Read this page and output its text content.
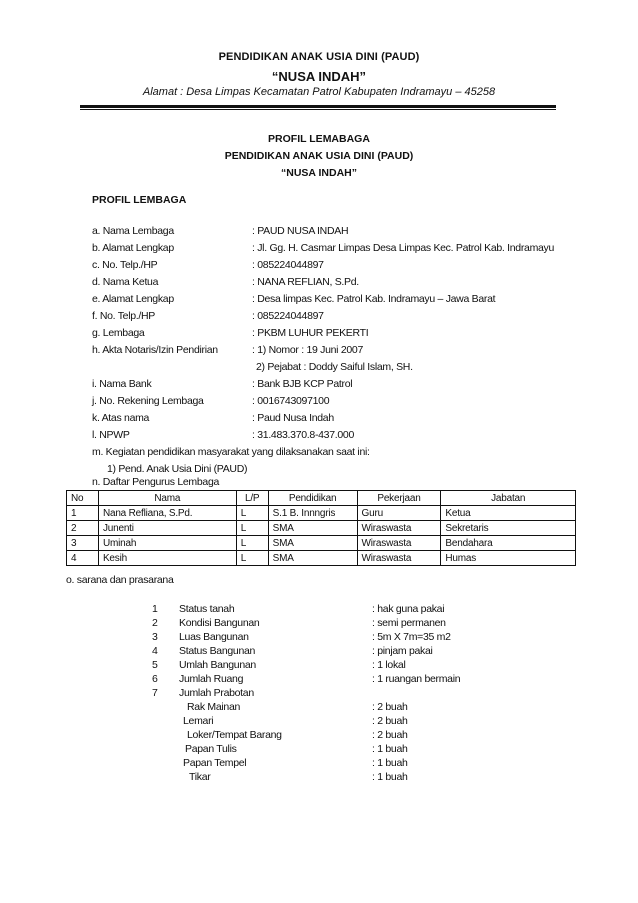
PENDIDIKAN ANAK USIA DINI (PAUD)
“NUSA INDAH”
Alamat : Desa Limpas Kecamatan Patrol Kabupaten Indramayu – 45258
PROFIL LEMABAGA
PENDIDIKAN ANAK USIA DINI (PAUD)
“NUSA INDAH”
PROFIL LEMBAGA
a. Nama Lembaga	: PAUD NUSA INDAH
b. Alamat Lengkap	: Jl. Gg. H. Casmar Limpas Desa Limpas Kec. Patrol Kab. Indramayu
c. No. Telp./HP	: 085224044897
d. Nama Ketua	: NANA REFLIAN, S.Pd.
e. Alamat Lengkap	: Desa limpas Kec. Patrol Kab. Indramayu – Jawa Barat
f. No. Telp./HP	: 085224044897
g. Lembaga	: PKBM LUHUR PEKERTI
h. Akta Notaris/Izin Pendirian	: 1) Nomor : 19 Juni 2007
2) Pejabat : Doddy Saiful Islam, SH.
i. Nama Bank	: Bank BJB KCP Patrol
j. No. Rekening Lembaga	: 0016743097100
k. Atas nama	: Paud Nusa Indah
l. NPWP	: 31.483.370.8-437.000
m. Kegiatan pendidikan masyarakat yang dilaksanakan saat ini:
1) Pend. Anak Usia Dini (PAUD)
n. Daftar Pengurus Lembaga
No	Nama	L/P	Pendidikan	Pekerjaan	Jabatan
1	Nana Refliana, S.Pd.	L	S.1 B. Innngris	Guru	Ketua
2	Junenti	L	SMA	Wiraswasta	Sekretaris
3	Uminah	L	SMA	Wiraswasta	Bendahara
4	Kesih	L	SMA	Wiraswasta	Humas
o. sarana dan prasarana
1 Status tanah	: hak guna pakai
2 Kondisi Bangunan	: semi permanen
3 Luas Bangunan	: 5m X 7m=35 m2
4 Status Bangunan	: pinjam pakai
5 Umlah Bangunan	: 1 lokal
6 Jumlah Ruang	: 1 ruangan bermain
7 Jumlah Prabotan
Rak Mainan	: 2 buah
Lemari	: 2 buah
Loker/Tempat Barang	: 2 buah
Papan Tulis	: 1 buah
Papan Tempel	: 1 buah
Tikar	: 1 buah
